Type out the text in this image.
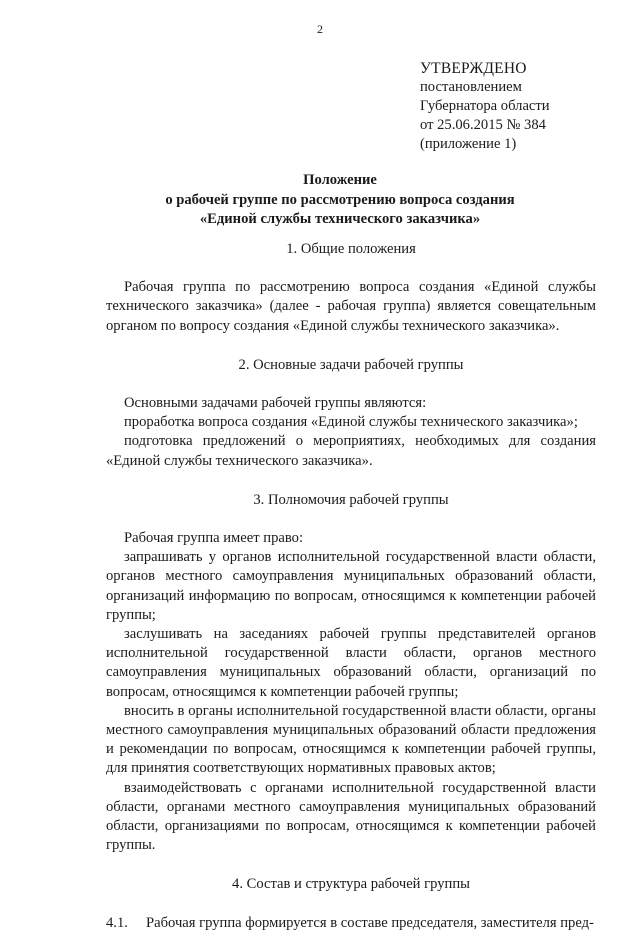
2
УТВЕРЖДЕНО
постановлением
Губернатора области
от 25.06.2015 № 384
(приложение 1)
Положение
о рабочей группе по рассмотрению вопроса создания
«Единой службы технического заказчика»
1. Общие положения

Рабочая группа по рассмотрению вопроса создания «Единой службы технического заказчика» (далее - рабочая группа) является совещательным органом по вопросу создания «Единой службы технического заказчика».

2. Основные задачи рабочей группы

Основными задачами рабочей группы являются:

проработка вопроса создания «Единой службы технического заказчика»;

подготовка предложений о мероприятиях, необходимых для создания «Единой службы технического заказчика».

3. Полномочия рабочей группы

Рабочая группа имеет право:

запрашивать у органов исполнительной государственной власти области, органов местного самоуправления муниципальных образований области, организаций информацию по вопросам, относящимся к компетенции рабочей группы;

заслушивать на заседаниях рабочей группы представителей органов исполнительной государственной власти области, органов местного самоуправления муниципальных образований области, организаций по вопросам, относящимся к компетенции рабочей группы;

вносить в органы исполнительной государственной власти области, органы местного самоуправления муниципальных образований области предложения и рекомендации по вопросам, относящимся к компетенции рабочей группы, для принятия соответствующих нормативных правовых актов;

взаимодействовать с органами исполнительной государственной власти области, органами местного самоуправления муниципальных образований области, организациями по вопросам, относящимся к компетенции рабочей группы.

4. Состав и структура рабочей группы

4.1. Рабочая группа формируется в составе председателя, заместителя пред-
